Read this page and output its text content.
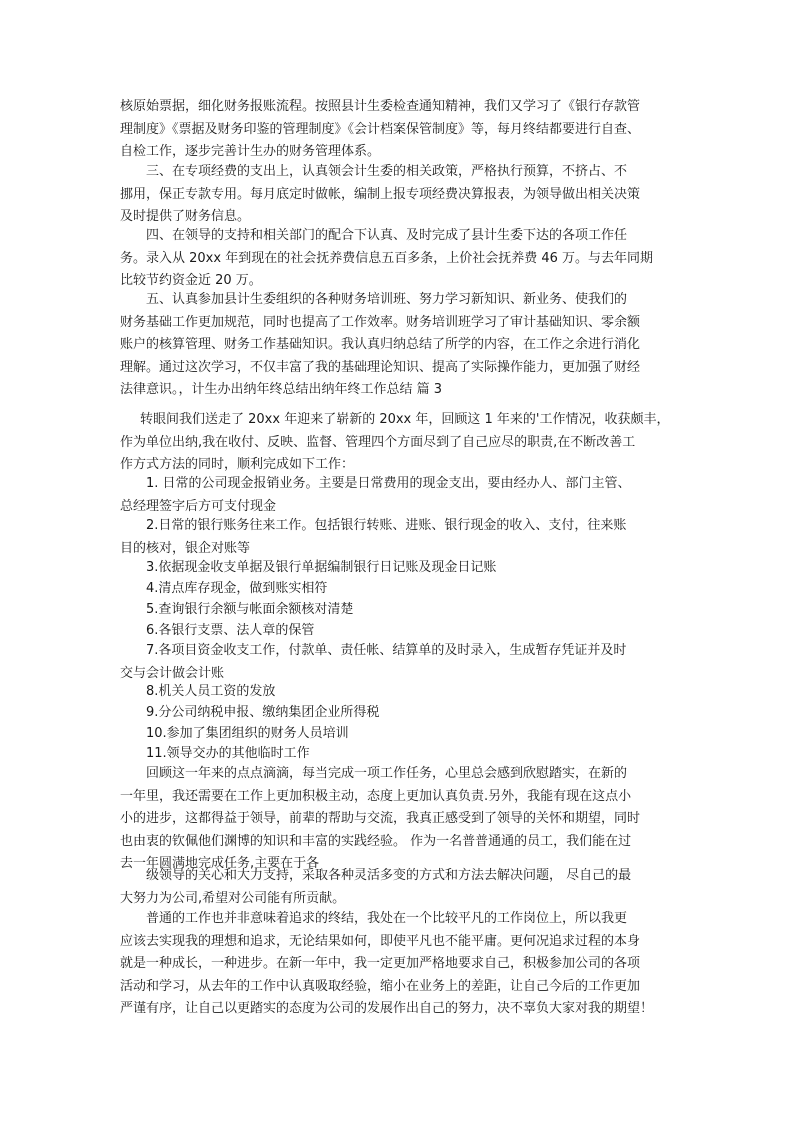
核原始票据，细化财务报账流程。按照县计生委检查通知精神，我们又学习了《银行存款管
理制度》《票据及财务印鉴的管理制度》《会计档案保管制度》等，每月终结都要进行自查、
自检工作，逐步完善计生办的财务管理体系。
三、在专项经费的支出上，认真领会计生委的相关政策，严格执行预算，不挤占、不
挪用，保正专款专用。每月底定时做帐，编制上报专项经费决算报表，为领导做出相关决策
及时提供了财务信息。
四、在领导的支持和相关部门的配合下认真、及时完成了县计生委下达的各项工作任
务。录入从 20xx 年到现在的社会抚养费信息五百多条，上价社会抚养费 46 万。与去年同期
比较节约资金近 20 万。
五、认真参加县计生委组织的各种财务培训班、努力学习新知识、新业务、使我们的
财务基础工作更加规范，同时也提高了工作效率。财务培训班学习了审计基础知识、零余额
账户的核算管理、财务工作基础知识。我认真归纳总结了所学的内容，在工作之余进行消化
理解。通过这次学习，不仅丰富了我的基础理论知识、提高了实际操作能力，更加强了财经
法律意识。，计生办出纳年终总结出纳年终工作总结 篇 3
转眼间我们送走了 20xx 年迎来了崭新的 20xx 年，回顾这 1 年来的'工作情况，收获颇丰，
作为单位出纳,我在收付、反映、监督、管理四个方面尽到了自己应尽的职责,在不断改善工
作方式方法的同时，顺利完成如下工作：
1. 日常的公司现金报销业务。主要是日常费用的现金支出，要由经办人、部门主管、
总经理签字后方可支付现金
2.日常的银行账务往来工作。包括银行转账、进账、银行现金的收入、支付，往来账
目的核对，银企对账等
3.依据现金收支单据及银行单据编制银行日记账及现金日记账
4.清点库存现金，做到账实相符
5.查询银行余额与帐面余额核对清楚
6.各银行支票、法人章的保管
7.各项目资金收支工作，付款单、责任帐、结算单的及时录入，生成暂存凭证并及时
交与会计做会计账
8.机关人员工资的发放
9.分公司纳税申报、缴纳集团企业所得税
10.参加了集团组织的财务人员培训
11.领导交办的其他临时工作
回顾这一年来的点点滴滴，每当完成一项工作任务，心里总会感到欣慰踏实，在新的
一年里，我还需要在工作上更加积极主动，态度上更加认真负责.另外，我能有现在这点小
小的进步，这都得益于领导，前辈的帮助与交流，我真正感受到了领导的关怀和期望，同时
也由衷的钦佩他们渊博的知识和丰富的实践经验。 作为一名普普通通的员工，我们能在过
去一年圆满地完成任务,主要在于各
级领导的关心和大力支持，采取各种灵活多变的方式和方法去解决问题， 尽自己的最
大努力为公司,希望对公司能有所贡献。
普通的工作也并非意味着追求的终结，我处在一个比较平凡的工作岗位上，所以我更
应该去实现我的理想和追求，无论结果如何，即使平凡也不能平庸。更何况追求过程的本身
就是一种成长，一种进步。在新一年中，我一定更加严格地要求自己，积极参加公司的各项
活动和学习，从去年的工作中认真吸取经验，缩小在业务上的差距，让自己今后的工作更加
严谨有序，让自己以更踏实的态度为公司的发展作出自己的努力，决不辜负大家对我的期望！
